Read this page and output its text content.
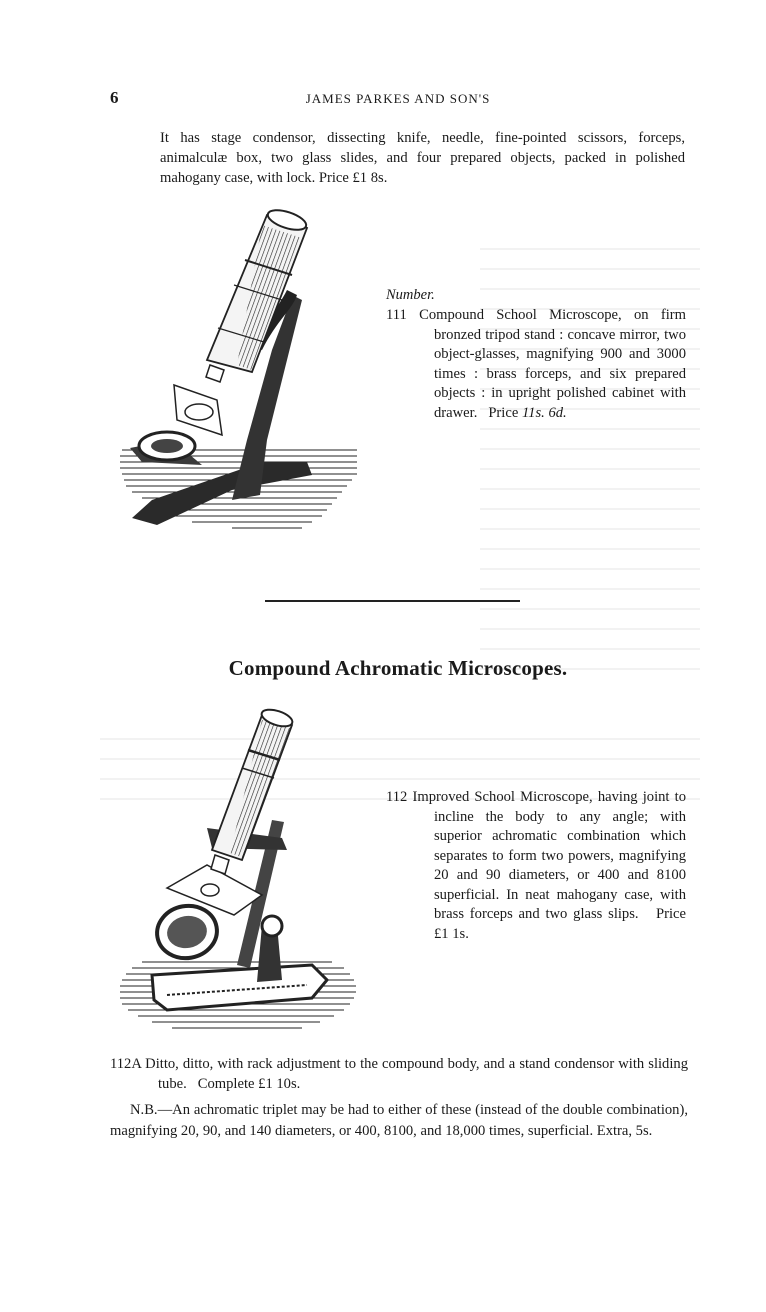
6	JAMES PARKES AND SON'S

It has stage condensor, dissecting knife, needle, fine-pointed scissors, forceps, animalculæ box, two glass slides, and four prepared objects, packed in polished mahogany case, with lock. Price £1 8s.

Number.

111 Compound School Microscope, on firm bronzed tripod stand : concave mirror, two object-glasses, magnifying 900 and 3000 times : brass forceps, and six prepared objects : in upright polished cabinet with drawer. Price 11s. 6d.

Compound Achromatic Microscopes.

112 Improved School Microscope, having joint to incline the body to any angle; with superior achromatic combination which separates to form two powers, magnifying 20 and 90 diameters, or 400 and 8100 superficial. In neat mahogany case, with brass forceps and two glass slips. Price £1 1s.

112A Ditto, ditto, with rack adjustment to the compound body, and a stand condensor with sliding tube. Complete £1 10s.

N.B.—An achromatic triplet may be had to either of these (instead of the double combination), magnifying 20, 90, and 140 diameters, or 400, 8100, and 18,000 times, superficial. Extra, 5s.
